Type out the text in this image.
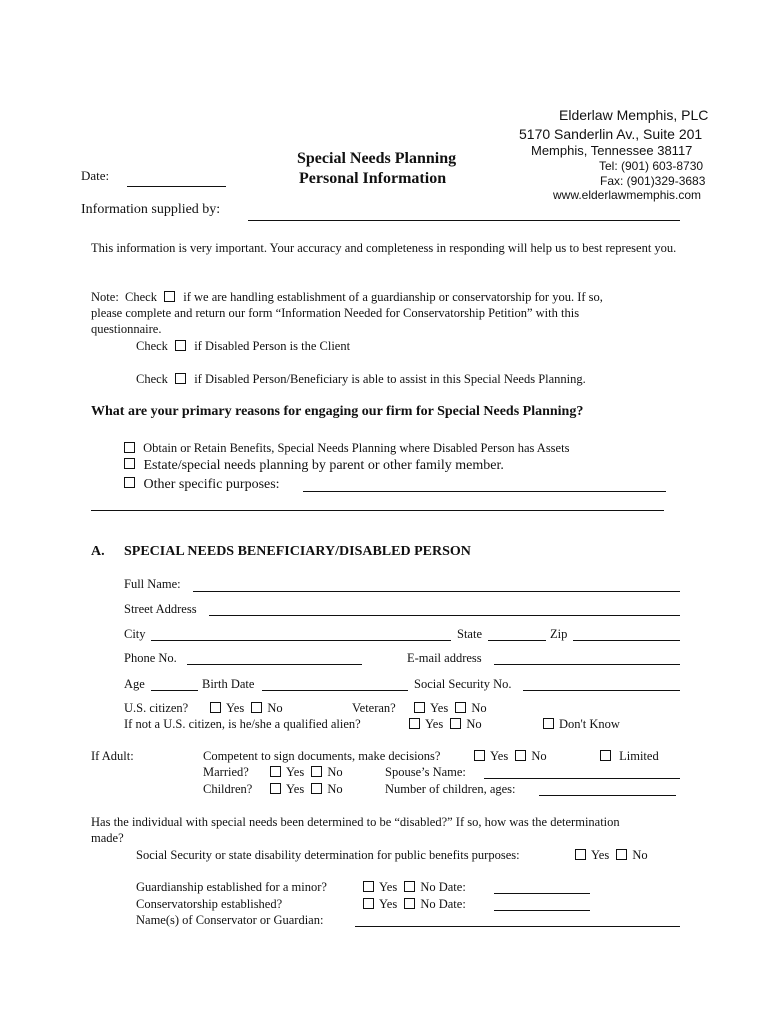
Elderlaw Memphis, PLC
5170 Sanderlin Av., Suite 201
Memphis, Tennessee 38117
Tel: (901) 603-8730
Fax: (901)329-3683
www.elderlawmemphis.com
Special Needs Planning
Personal Information
Date:
Information supplied by:
This information is very important. Your accuracy and completeness in responding will help us to best represent you.
Note:  Check if we are handling establishment of a guardianship or conservatorship for you. If so,
please complete and return our form “Information Needed for Conservatorship Petition” with this
questionnaire.
Check if Disabled Person is the Client
Check if Disabled Person/Beneficiary is able to assist in this Special Needs Planning.
What are your primary reasons for engaging our firm for Special Needs Planning?
Obtain or Retain Benefits, Special Needs Planning where Disabled Person has Assets
Estate/special needs planning by parent or other family member.
Other specific purposes:
A. SPECIAL NEEDS BENEFICIARY/DISABLED PERSON
Full Name:
Street Address
City	State	Zip
Phone No.	E-mail address
Age	Birth Date	Social Security No.
U.S. citizen?	Yes No	Veteran?	Yes No
If not a U.S. citizen, is he/she a qualified alien?	Yes No	Don't Know
If Adult:	Competent to sign documents, make decisions?	Yes No	Limited
Married?	Yes No	Spouse’s Name:
Children?	Yes No	Number of children, ages:
Has the individual with special needs been determined to be “disabled?” If so, how was the determination
made?
Social Security or state disability determination for public benefits purposes:	Yes No
Guardianship established for a minor?	Yes No Date:
Conservatorship established?	Yes No Date:
Name(s) of Conservator or Guardian:
